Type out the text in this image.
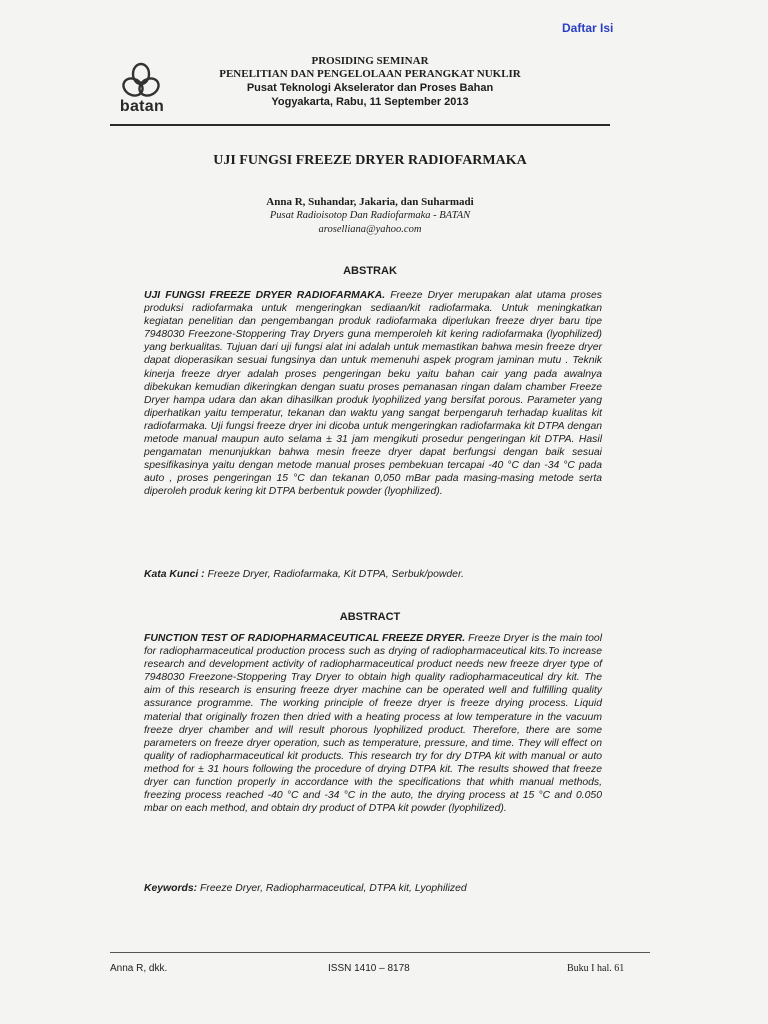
Daftar Isi
batan
PROSIDING SEMINAR
PENELITIAN DAN PENGELOLAAN PERANGKAT NUKLIR
Pusat Teknologi Akselerator dan Proses Bahan
Yogyakarta, Rabu, 11 September 2013
UJI FUNGSI FREEZE DRYER RADIOFARMAKA
Anna R, Suhandar, Jakaria, dan Suharmadi
Pusat Radioisotop Dan Radiofarmaka - BATAN
aroselliana@yahoo.com
ABSTRAK

UJI FUNGSI FREEZE DRYER RADIOFARMAKA. Freeze Dryer merupakan alat utama proses produksi radiofarmaka untuk mengeringkan sediaan/kit radiofarmaka. Untuk meningkatkan kegiatan penelitian dan pengembangan produk radiofarmaka diperlukan freeze dryer baru tipe 7948030 Freezone-Stoppering Tray Dryers guna memperoleh kit kering radiofarmaka (lyophilized) yang berkualitas. Tujuan dari uji fungsi alat ini adalah untuk memastikan bahwa mesin freeze dryer dapat dioperasikan sesuai fungsinya dan untuk memenuhi aspek program jaminan mutu . Teknik kinerja freeze dryer adalah proses pengeringan beku yaitu bahan cair yang pada awalnya dibekukan kemudian dikeringkan dengan suatu proses pemanasan ringan dalam chamber Freeze Dryer hampa udara dan akan dihasilkan produk lyophilized yang bersifat porous. Parameter yang diperhatikan yaitu temperatur, tekanan dan waktu yang sangat berpengaruh terhadap kualitas kit radiofarmaka. Uji fungsi freeze dryer ini dicoba untuk mengeringkan radiofarmaka kit DTPA dengan metode manual maupun auto selama ± 31 jam mengikuti prosedur pengeringan kit DTPA. Hasil pengamatan menunjukkan bahwa mesin freeze dryer dapat berfungsi dengan baik sesuai spesifikasinya yaitu dengan metode manual proses pembekuan tercapai -40 °C dan -34 °C pada auto , proses pengeringan 15 °C dan tekanan 0,050 mBar pada masing-masing metode serta diperoleh produk kering kit DTPA berbentuk powder (lyophilized).

Kata Kunci : Freeze Dryer, Radiofarmaka, Kit DTPA, Serbuk/powder.
ABSTRACT

FUNCTION TEST OF RADIOPHARMACEUTICAL FREEZE DRYER. Freeze Dryer is the main tool for radiopharmaceutical production process such as drying of radiopharmaceutical kits.To increase research and development activity of radiopharmaceutical product needs new freeze dryer type of 7948030 Freezone-Stoppering Tray Dryer to obtain high quality radiopharmaceutical dry kit. The aim of this research is ensuring freeze dryer machine can be operated well and fulfilling quality assurance programme. The working principle of freeze dryer is freeze drying process. Liquid material that originally frozen then dried with a heating process at low temperature in the vacuum freeze dryer chamber and will result phorous lyophilized product. Therefore, there are some parameters on freeze dryer operation, such as temperature, pressure, and time. They will effect on quality of radiopharmaceutical kit products. This research try for dry DTPA kit with manual or auto method for ± 31 hours following the procedure of drying DTPA kit. The results showed that freeze dryer can function properly in accordance with the specifications that whith manual methods, freezing process reached -40 °C and -34 °C in the auto, the drying process at 15 °C and 0.050 mbar on each method, and obtain dry product of DTPA kit powder (lyophilized).

Keywords: Freeze Dryer, Radiopharmaceutical, DTPA kit, Lyophilized
Anna R, dkk.	ISSN 1410 – 8178	Buku I hal. 61
